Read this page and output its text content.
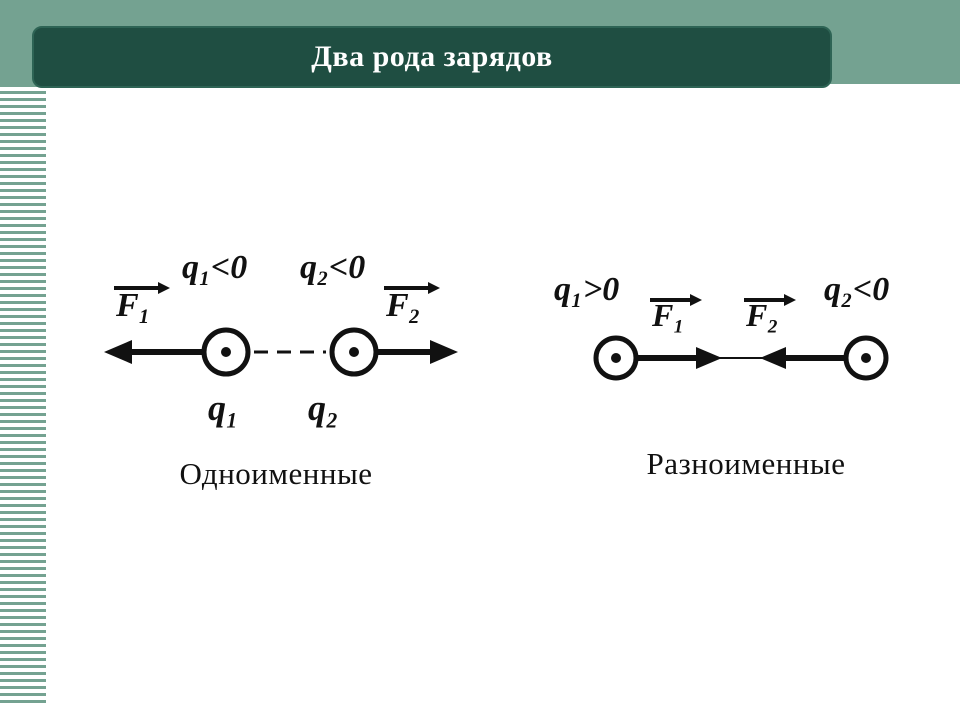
Два рода зарядов
F₁	F₂
q₁<0 q₂<0
q₁ q₂
Одноименные
F₁ F₂
q₁>0	q₂<0
Разноименные
